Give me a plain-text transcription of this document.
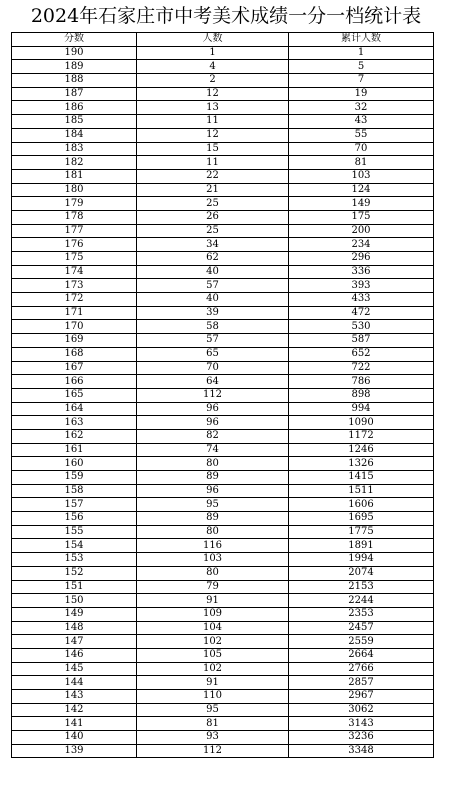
2024年石家庄市中考美术成绩一分一档统计表
分数	人数	累计人数
190	1	1
189	4	5
188	2	7
187	12	19
186	13	32
185	11	43
184	12	55
183	15	70
182	11	81
181	22	103
180	21	124
179	25	149
178	26	175
177	25	200
176	34	234
175	62	296
174	40	336
173	57	393
172	40	433
171	39	472
170	58	530
169	57	587
168	65	652
167	70	722
166	64	786
165	112	898
164	96	994
163	96	1090
162	82	1172
161	74	1246
160	80	1326
159	89	1415
158	96	1511
157	95	1606
156	89	1695
155	80	1775
154	116	1891
153	103	1994
152	80	2074
151	79	2153
150	91	2244
149	109	2353
148	104	2457
147	102	2559
146	105	2664
145	102	2766
144	91	2857
143	110	2967
142	95	3062
141	81	3143
140	93	3236
139	112	3348
